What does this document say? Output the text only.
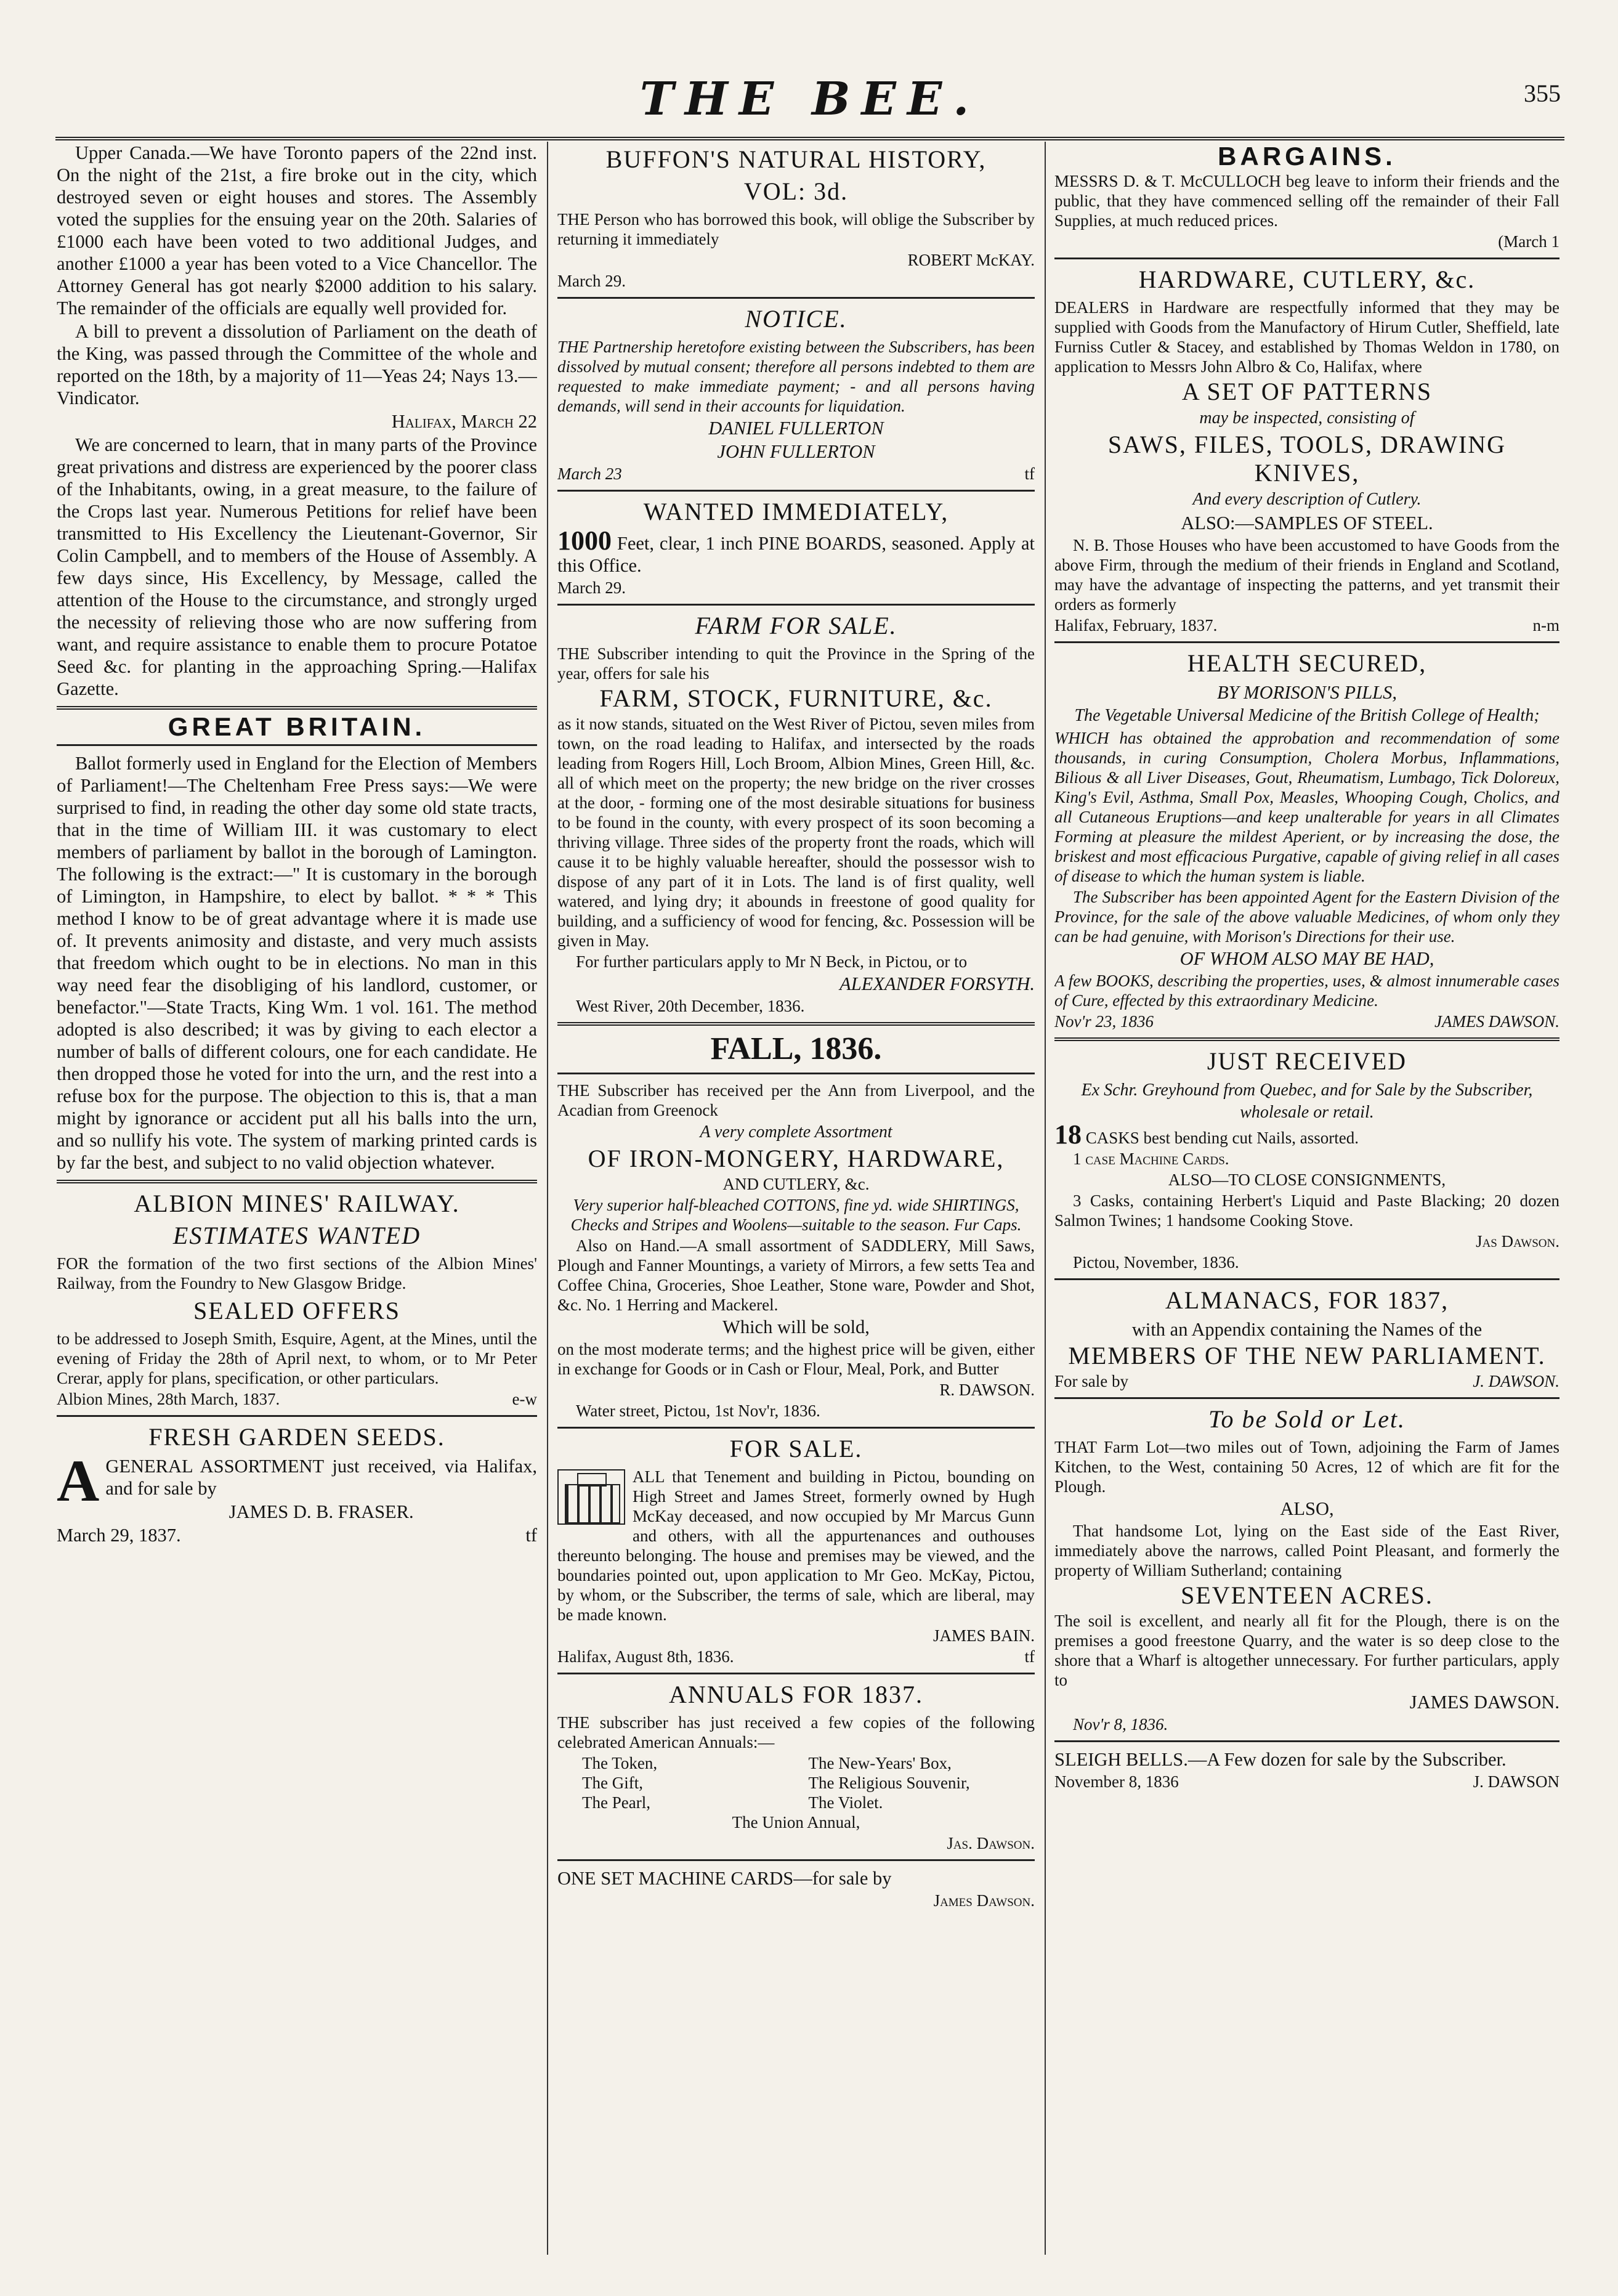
THE BEE.	355

Upper Canada.—We have Toronto papers of the 22nd inst. On the night of the 21st, a fire broke out in the city, which destroyed seven or eight houses and stores. The Assembly voted the supplies for the ensuing year on the 20th. Salaries of £1000 each have been voted to two additional Judges, and another £1000 a year has been voted to a Vice Chancellor. The Attorney General has got nearly $2000 addition to his salary. The remainder of the officials are equally well provided for.

A bill to prevent a dissolution of Parliament on the death of the King, was passed through the Committee of the whole and reported on the 18th, by a majority of 11—Yeas 24; Nays 13.—Vindicator.

Halifax, March 22

We are concerned to learn, that in many parts of the Province great privations and distress are experienced by the poorer class of the Inhabitants, owing, in a great measure, to the failure of the Crops last year. Numerous Petitions for relief have been transmitted to His Excellency the Lieutenant-Governor, Sir Colin Campbell, and to members of the House of Assembly. A few days since, His Excellency, by Message, called the attention of the House to the circumstance, and strongly urged the necessity of relieving those who are now suffering from want, and require assistance to enable them to procure Potatoe Seed &c. for planting in the approaching Spring.—Halifax Gazette.

GREAT BRITAIN.

Ballot formerly used in England for the Election of Members of Parliament!—The Cheltenham Free Press says:—We were surprised to find, in reading the other day some old state tracts, that in the time of William III. it was customary to elect members of parliament by ballot in the borough of Lamington. The following is the extract:—" It is customary in the borough of Limington, in Hampshire, to elect by ballot. * * * This method I know to be of great advantage where it is made use of. It prevents animosity and distaste, and very much assists that freedom which ought to be in elections. No man in this way need fear the disobliging of his landlord, customer, or benefactor."—State Tracts, King Wm. 1 vol. 161. The method adopted is also described; it was by giving to each elector a number of balls of different colours, one for each candidate. He then dropped those he voted for into the urn, and the rest into a refuse box for the purpose. The objection to this is, that a man might by ignorance or accident put all his balls into the urn, and so nullify his vote. The system of marking printed cards is by far the best, and subject to no valid objection whatever.

ALBION MINES' RAILWAY.
ESTIMATES WANTED

FOR the formation of the two first sections of the Albion Mines' Railway, from the Foundry to New Glasgow Bridge.

SEALED OFFERS

to be addressed to Joseph Smith, Esquire, Agent, at the Mines, until the evening of Friday the 28th of April next, to whom, or to Mr Peter Crerar, apply for plans, specification, or other particulars.

Albion Mines, 28th March, 1837.	e-w
FRESH GARDEN SEEDS.
A GENERAL ASSORTMENT just received, via Halifax, and for sale by

JAMES D. B. FRASER.

March 29, 1837.	tf
BUFFON'S NATURAL HISTORY,
VOL: 3d.

THE Person who has borrowed this book, will oblige the Subscriber by returning it immediately

ROBERT McKAY.

March 29.

NOTICE.

THE Partnership heretofore existing between the Subscribers, has been dissolved by mutual consent; therefore all persons indebted to them are requested to make immediate payment; - and all persons having demands, will send in their accounts for liquidation.

DANIEL FULLERTON

JOHN FULLERTON

March 23	tf
WANTED IMMEDIATELY,

1000 Feet, clear, 1 inch PINE BOARDS, seasoned. Apply at this Office.

March 29.

FARM FOR SALE.

THE Subscriber intending to quit the Province in the Spring of the year, offers for sale his

FARM, STOCK, FURNITURE, &c.

as it now stands, situated on the West River of Pictou, seven miles from town, on the road leading to Halifax, and intersected by the roads leading from Rogers Hill, Loch Broom, Albion Mines, Green Hill, &c. all of which meet on the property; the new bridge on the river crosses at the door, - forming one of the most desirable situations for business to be found in the county, with every prospect of its soon becoming a thriving village. Three sides of the property front the roads, which will cause it to be highly valuable hereafter, should the possessor wish to dispose of any part of it in Lots. The land is of first quality, well watered, and lying dry; it abounds in freestone of good quality for building, and a sufficiency of wood for fencing, &c. Possession will be given in May.

For further particulars apply to Mr N Beck, in Pictou, or to

ALEXANDER FORSYTH.

West River, 20th December, 1836.

FALL, 1836.

THE Subscriber has received per the Ann from Liverpool, and the Acadian from Greenock

A very complete Assortment

OF IRON-MONGERY, HARDWARE,

AND CUTLERY, &c.

Very superior half-bleached COTTONS, fine yd. wide SHIRTINGS, Checks and Stripes and Woolens—suitable to the season. Fur Caps.

Also on Hand.—A small assortment of SADDLERY, Mill Saws, Plough and Fanner Mountings, a variety of Mirrors, a few setts Tea and Coffee China, Groceries, Shoe Leather, Stone ware, Powder and Shot, &c. No. 1 Herring and Mackerel.

Which will be sold,

on the most moderate terms; and the highest price will be given, either in exchange for Goods or in Cash or Flour, Meal, Pork, and Butter

R. DAWSON.

Water street, Pictou, 1st Nov'r, 1836.

FOR SALE.

ALL that Tenement and building in Pictou, bounding on High Street and James Street, formerly owned by Hugh McKay deceased, and now occupied by Mr Marcus Gunn and others, with all the appurtenances and outhouses thereunto belonging. The house and premises may be viewed, and the boundaries pointed out, upon application to Mr Geo. McKay, Pictou, by whom, or the Subscriber, the terms of sale, which are liberal, may be made known.

JAMES BAIN.

Halifax, August 8th, 1836.	tf
ANNUALS FOR 1837.

THE subscriber has just received a few copies of the following celebrated American Annuals:—

The Token,	The New-Years' Box,
The Gift,	The Religious Souvenir,
The Pearl,	The Violet.

The Union Annual,

Jas. Dawson.

ONE SET MACHINE CARDS—for sale by

James Dawson.

BARGAINS.

MESSRS D. & T. McCULLOCH beg leave to inform their friends and the public, that they have commenced selling off the remainder of their Fall Supplies, at much reduced prices.

(March 1

HARDWARE, CUTLERY, &c.

DEALERS in Hardware are respectfully informed that they may be supplied with Goods from the Manufactory of Hirum Cutler, Sheffield, late Furniss Cutler & Stacey, and established by Thomas Weldon in 1780, on application to Messrs John Albro & Co, Halifax, where

A SET OF PATTERNS

may be inspected, consisting of

SAWS, FILES, TOOLS, DRAWING KNIVES,

And every description of Cutlery.

ALSO:—SAMPLES OF STEEL.

N. B. Those Houses who have been accustomed to have Goods from the above Firm, through the medium of their friends in England and Scotland, may have the advantage of inspecting the patterns, and yet transmit their orders as formerly

Halifax, February, 1837.	n-m
HEALTH SECURED,

BY MORISON'S PILLS,

The Vegetable Universal Medicine of the British College of Health;

WHICH has obtained the approbation and recommendation of some thousands, in curing Consumption, Cholera Morbus, Inflammations, Bilious & all Liver Diseases, Gout, Rheumatism, Lumbago, Tick Doloreux, King's Evil, Asthma, Small Pox, Measles, Whooping Cough, Cholics, and all Cutaneous Eruptions—and keep unalterable for years in all Climates Forming at pleasure the mildest Aperient, or by increasing the dose, the briskest and most efficacious Purgative, capable of giving relief in all cases of disease to which the human system is liable.

The Subscriber has been appointed Agent for the Eastern Division of the Province, for the sale of the above valuable Medicines, of whom only they can be had genuine, with Morison's Directions for their use.

OF WHOM ALSO MAY BE HAD,

A few BOOKS, describing the properties, uses, & almost innumerable cases of Cure, effected by this extraordinary Medicine.

Nov'r 23, 1836	JAMES DAWSON.
JUST RECEIVED

Ex Schr. Greyhound from Quebec, and for Sale by the Subscriber, wholesale or retail.

18 CASKS best bending cut Nails, assorted.

1 case Machine Cards.

ALSO—TO CLOSE CONSIGNMENTS,

3 Casks, containing Herbert's Liquid and Paste Blacking; 20 dozen Salmon Twines; 1 handsome Cooking Stove.

Jas Dawson.

Pictou, November, 1836.

ALMANACS, FOR 1837,

with an Appendix containing the Names of the

MEMBERS OF THE NEW PARLIAMENT.

For sale by	J. DAWSON.
To be Sold or Let.

THAT Farm Lot—two miles out of Town, adjoining the Farm of James Kitchen, to the West, containing 50 Acres, 12 of which are fit for the Plough.

ALSO,

That handsome Lot, lying on the East side of the East River, immediately above the narrows, called Point Pleasant, and formerly the property of William Sutherland; containing

SEVENTEEN ACRES.

The soil is excellent, and nearly all fit for the Plough, there is on the premises a good freestone Quarry, and the water is so deep close to the shore that a Wharf is altogether unnecessary. For further particulars, apply to

JAMES DAWSON.

Nov'r 8, 1836.

SLEIGH BELLS.—A Few dozen for sale by the Subscriber.

November 8, 1836	J. DAWSON
